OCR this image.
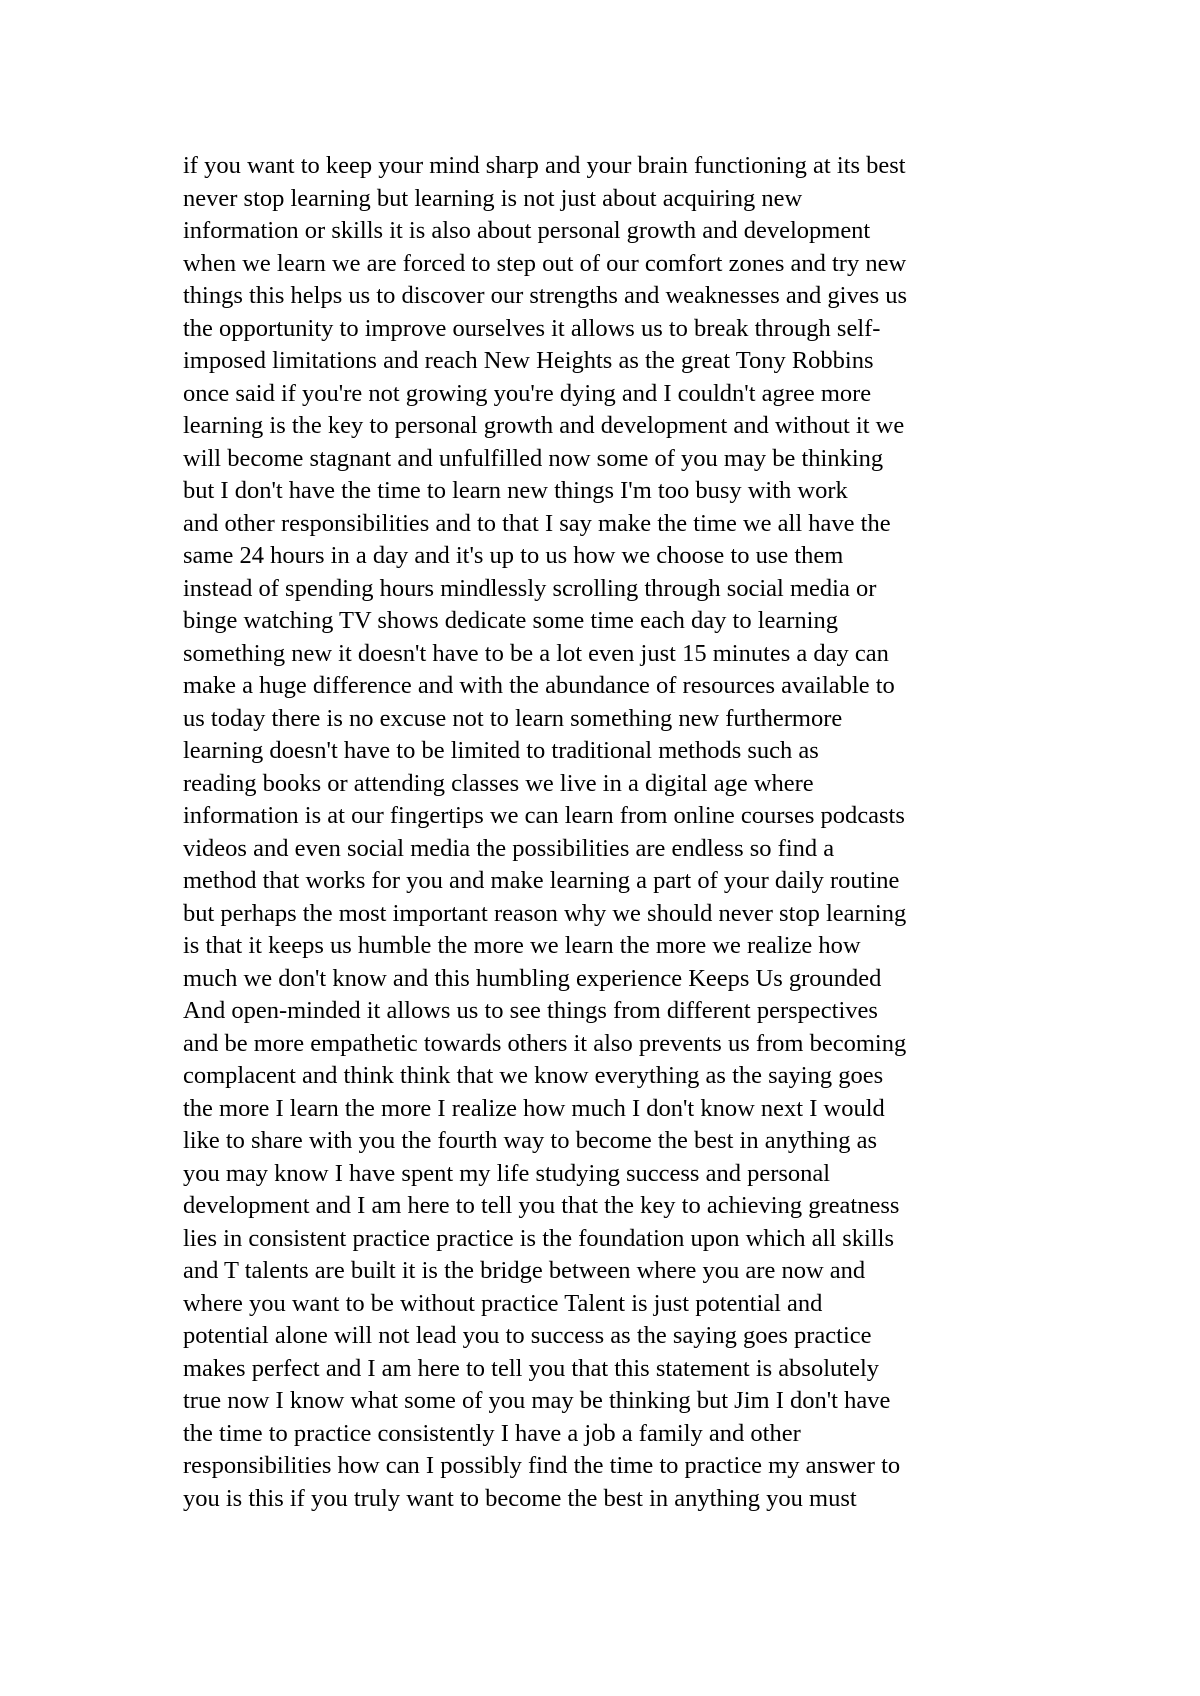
if you want to keep your mind sharp and your brain functioning at its best
never stop learning but learning is not just about acquiring new
information or skills it is also about personal growth and development
when we learn we are forced to step out of our comfort zones and try new
things this helps us to discover our strengths and weaknesses and gives us
the opportunity to improve ourselves it allows us to break through self-
imposed limitations and reach New Heights as the great Tony Robbins
once said if you're not growing you're dying and I couldn't agree more
learning is the key to personal growth and development and without it we
will become stagnant and unfulfilled now some of you may be thinking
but I don't have the time to learn new things I'm too busy with work
and other responsibilities and to that I say make the time we all have the
same 24 hours in a day and it's up to us how we choose to use them
instead of spending hours mindlessly scrolling through social media or
binge watching TV shows dedicate some time each day to learning
something new it doesn't have to be a lot even just 15 minutes a day can
make a huge difference and with the abundance of resources available to
us today there is no excuse not to learn something new furthermore
learning doesn't have to be limited to traditional methods such as
reading books or attending classes we live in a digital age where
information is at our fingertips we can learn from online courses podcasts
videos and even social media the possibilities are endless so find a
method that works for you and make learning a part of your daily routine
but perhaps the most important reason why we should never stop learning
is that it keeps us humble the more we learn the more we realize how
much we don't know and this humbling experience Keeps Us grounded
And open-minded it allows us to see things from different perspectives
and be more empathetic towards others it also prevents us from becoming
complacent and think think that we know everything as the saying goes
the more I learn the more I realize how much I don't know next I would
like to share with you the fourth way to become the best in anything as
you may know I have spent my life studying success and personal
development and I am here to tell you that the key to achieving greatness
lies in consistent practice practice is the foundation upon which all skills
and T talents are built it is the bridge between where you are now and
where you want to be without practice Talent is just potential and
potential alone will not lead you to success as the saying goes practice
makes perfect and I am here to tell you that this statement is absolutely
true now I know what some of you may be thinking but Jim I don't have
the time to practice consistently I have a job a family and other
responsibilities how can I possibly find the time to practice my answer to
you is this if you truly want to become the best in anything you must
